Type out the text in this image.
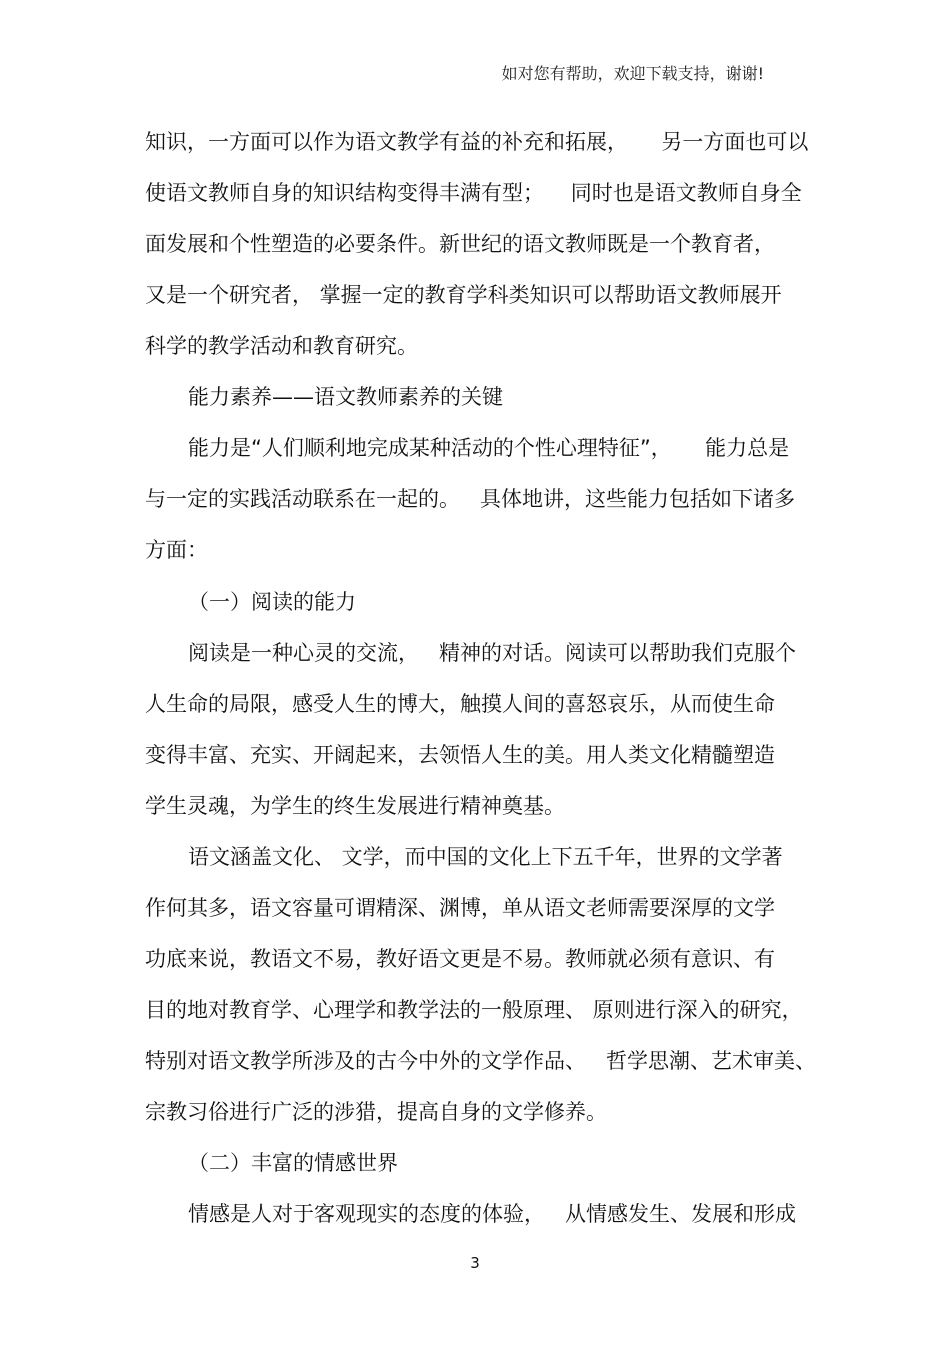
如对您有帮助，欢迎下载支持，谢谢!
知识，一方面可以作为语文教学有益的补充和拓展，     另一方面也可以
使语文教师自身的知识结构变得丰满有型；    同时也是语文教师自身全
面发展和个性塑造的必要条件。新世纪的语文教师既是一个教育者，
又是一个研究者， 掌握一定的教育学科类知识可以帮助语文教师展开
科学的教学活动和教育研究。
能力素养——语文教师素养的关键
能力是“人们顺利地完成某种活动的个性心理特征”，     能力总是
与一定的实践活动联系在一起的。   具体地讲，这些能力包括如下诸多
方面：
（一）阅读的能力
阅读是一种心灵的交流，   精神的对话。阅读可以帮助我们克服个
人生命的局限，感受人生的博大，触摸人间的喜怒哀乐，从而使生命
变得丰富、充实、开阔起来，去领悟人生的美。用人类文化精髓塑造
学生灵魂，为学生的终生发展进行精神奠基。
语文涵盖文化、 文学，而中国的文化上下五千年，世界的文学著
作何其多，语文容量可谓精深、渊博，单从语文老师需要深厚的文学
功底来说，教语文不易，教好语文更是不易。教师就必须有意识、有
目的地对教育学、心理学和教学法的一般原理、 原则进行深入的研究，
特别对语文教学所涉及的古今中外的文学作品、   哲学思潮、艺术审美、
宗教习俗进行广泛的涉猎，提高自身的文学修养。
（二）丰富的情感世界
情感是人对于客观现实的态度的体验，   从情感发生、发展和形成
3
